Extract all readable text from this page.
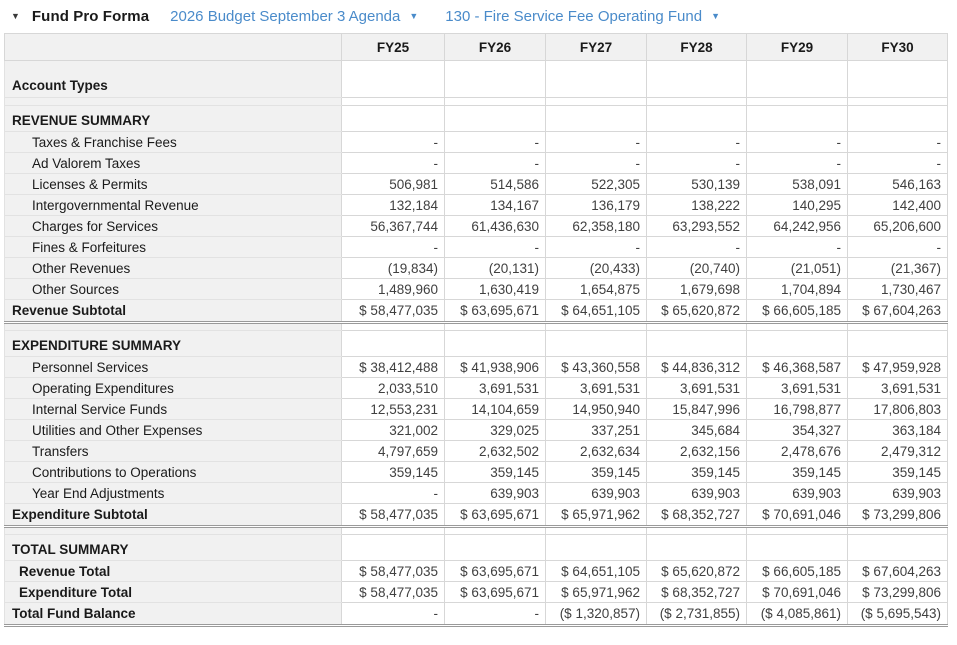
▼ Fund Pro Forma 2026 Budget September 3 Agenda ▼ 130 - Fire Service Fee Operating Fund ▼
	FY25	FY26	FY27	FY28	FY29	FY30
Account Types						

REVENUE SUMMARY						
Taxes & Franchise Fees	-	-	-	-	-	-
Ad Valorem Taxes	-	-	-	-	-	-
Licenses & Permits	506,981	514,586	522,305	530,139	538,091	546,163
Intergovernmental Revenue	132,184	134,167	136,179	138,222	140,295	142,400
Charges for Services	56,367,744	61,436,630	62,358,180	63,293,552	64,242,956	65,206,600
Fines & Forfeitures	-	-	-	-	-	-
Other Revenues	(19,834)	(20,131)	(20,433)	(20,740)	(21,051)	(21,367)
Other Sources	1,489,960	1,630,419	1,654,875	1,679,698	1,704,894	1,730,467
Revenue Subtotal	$ 58,477,035	$ 63,695,671	$ 64,651,105	$ 65,620,872	$ 66,605,185	$ 67,604,263

EXPENDITURE SUMMARY						
Personnel Services	$ 38,412,488	$ 41,938,906	$ 43,360,558	$ 44,836,312	$ 46,368,587	$ 47,959,928
Operating Expenditures	2,033,510	3,691,531	3,691,531	3,691,531	3,691,531	3,691,531
Internal Service Funds	12,553,231	14,104,659	14,950,940	15,847,996	16,798,877	17,806,803
Utilities and Other Expenses	321,002	329,025	337,251	345,684	354,327	363,184
Transfers	4,797,659	2,632,502	2,632,634	2,632,156	2,478,676	2,479,312
Contributions to Operations	359,145	359,145	359,145	359,145	359,145	359,145
Year End Adjustments	-	639,903	639,903	639,903	639,903	639,903
Expenditure Subtotal	$ 58,477,035	$ 63,695,671	$ 65,971,962	$ 68,352,727	$ 70,691,046	$ 73,299,806

TOTAL SUMMARY						
Revenue Total	$ 58,477,035	$ 63,695,671	$ 64,651,105	$ 65,620,872	$ 66,605,185	$ 67,604,263
Expenditure Total	$ 58,477,035	$ 63,695,671	$ 65,971,962	$ 68,352,727	$ 70,691,046	$ 73,299,806
Total Fund Balance	-	-	($ 1,320,857)	($ 2,731,855)	($ 4,085,861)	($ 5,695,543)
